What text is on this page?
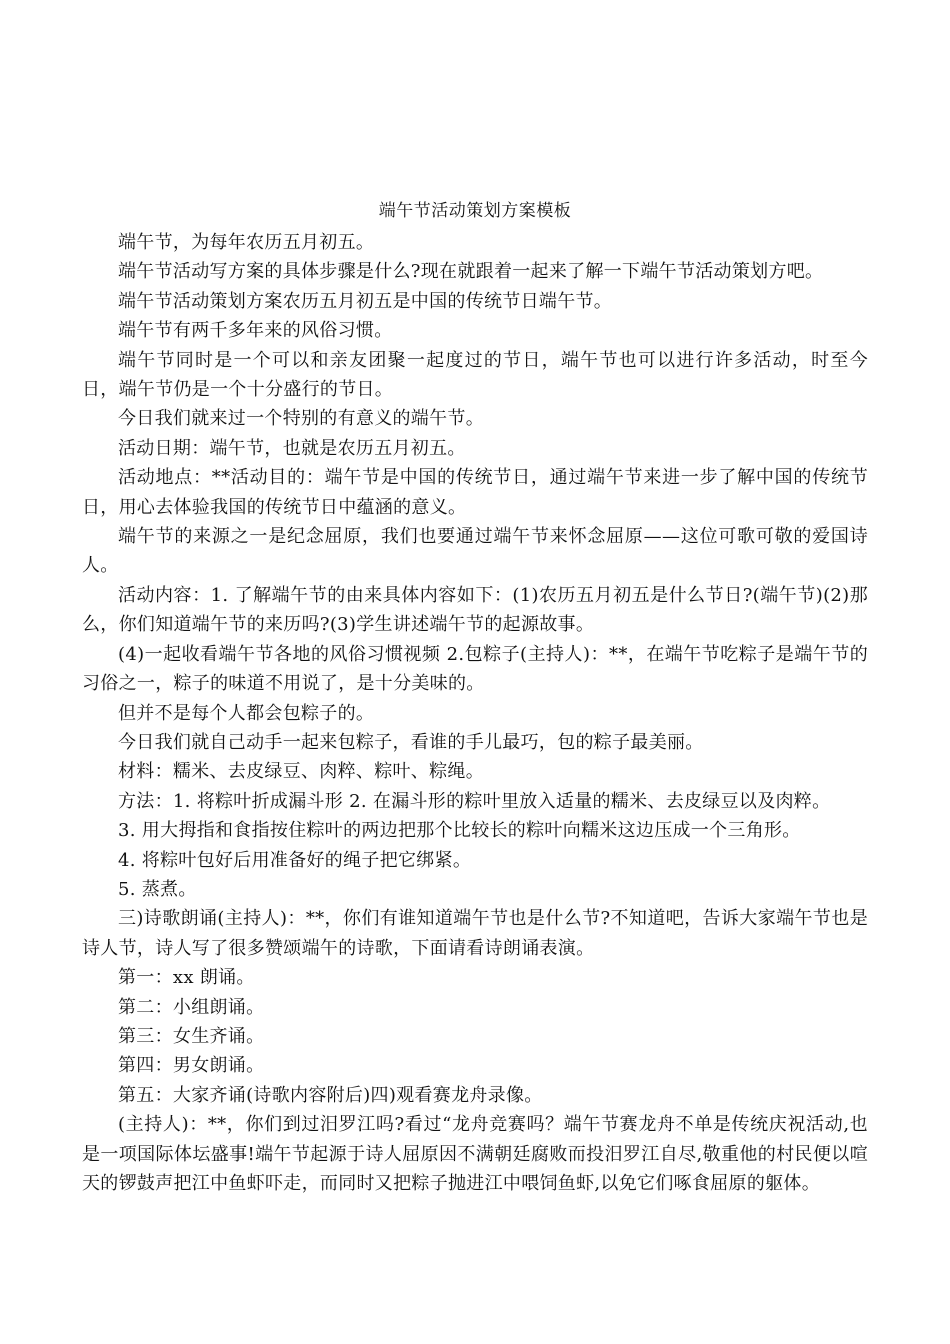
端午节活动策划方案模板

端午节，为每年农历五月初五。

端午节活动写方案的具体步骤是什么?现在就跟着一起来了解一下端午节活动策划方吧。

端午节活动策划方案农历五月初五是中国的传统节日端午节。

端午节有两千多年来的风俗习惯。

端午节同时是一个可以和亲友团聚一起度过的节日，端午节也可以进行许多活动，时至今日，端午节仍是一个十分盛行的节日。

今日我们就来过一个特别的有意义的端午节。

活动日期：端午节，也就是农历五月初五。

活动地点：**活动目的：端午节是中国的传统节日，通过端午节来进一步了解中国的传统节日，用心去体验我国的传统节日中蕴涵的意义。

端午节的来源之一是纪念屈原，我们也要通过端午节来怀念屈原——这位可歌可敬的爱国诗人。

活动内容：1. 了解端午节的由来具体内容如下：(1)农历五月初五是什么节日?(端午节)(2)那么，你们知道端午节的来历吗?(3)学生讲述端午节的起源故事。

(4)一起收看端午节各地的风俗习惯视频 2.包粽子(主持人)：**，在端午节吃粽子是端午节的习俗之一，粽子的味道不用说了，是十分美味的。

但并不是每个人都会包粽子的。

今日我们就自己动手一起来包粽子，看谁的手儿最巧，包的粽子最美丽。

材料：糯米、去皮绿豆、肉粹、粽叶、粽绳。

方法：1. 将粽叶折成漏斗形 2. 在漏斗形的粽叶里放入适量的糯米、去皮绿豆以及肉粹。

3. 用大拇指和食指按住粽叶的两边把那个比较长的粽叶向糯米这边压成一个三角形。

4. 将粽叶包好后用准备好的绳子把它绑紧。

5. 蒸煮。

三)诗歌朗诵(主持人)：**，你们有谁知道端午节也是什么节?不知道吧，告诉大家端午节也是诗人节，诗人写了很多赞颂端午的诗歌，下面请看诗朗诵表演。

第一：xx 朗诵。

第二：小组朗诵。

第三：女生齐诵。

第四：男女朗诵。

第五：大家齐诵(诗歌内容附后)四)观看赛龙舟录像。

(主持人)：**，你们到过汨罗江吗?看过“龙舟竞赛吗？端午节赛龙舟不单是传统庆祝活动,也是一项国际体坛盛事!端午节起源于诗人屈原因不满朝廷腐败而投汨罗江自尽,敬重他的村民便以喧天的锣鼓声把江中鱼虾吓走，而同时又把粽子抛进江中喂饲鱼虾,以免它们啄食屈原的躯体。
